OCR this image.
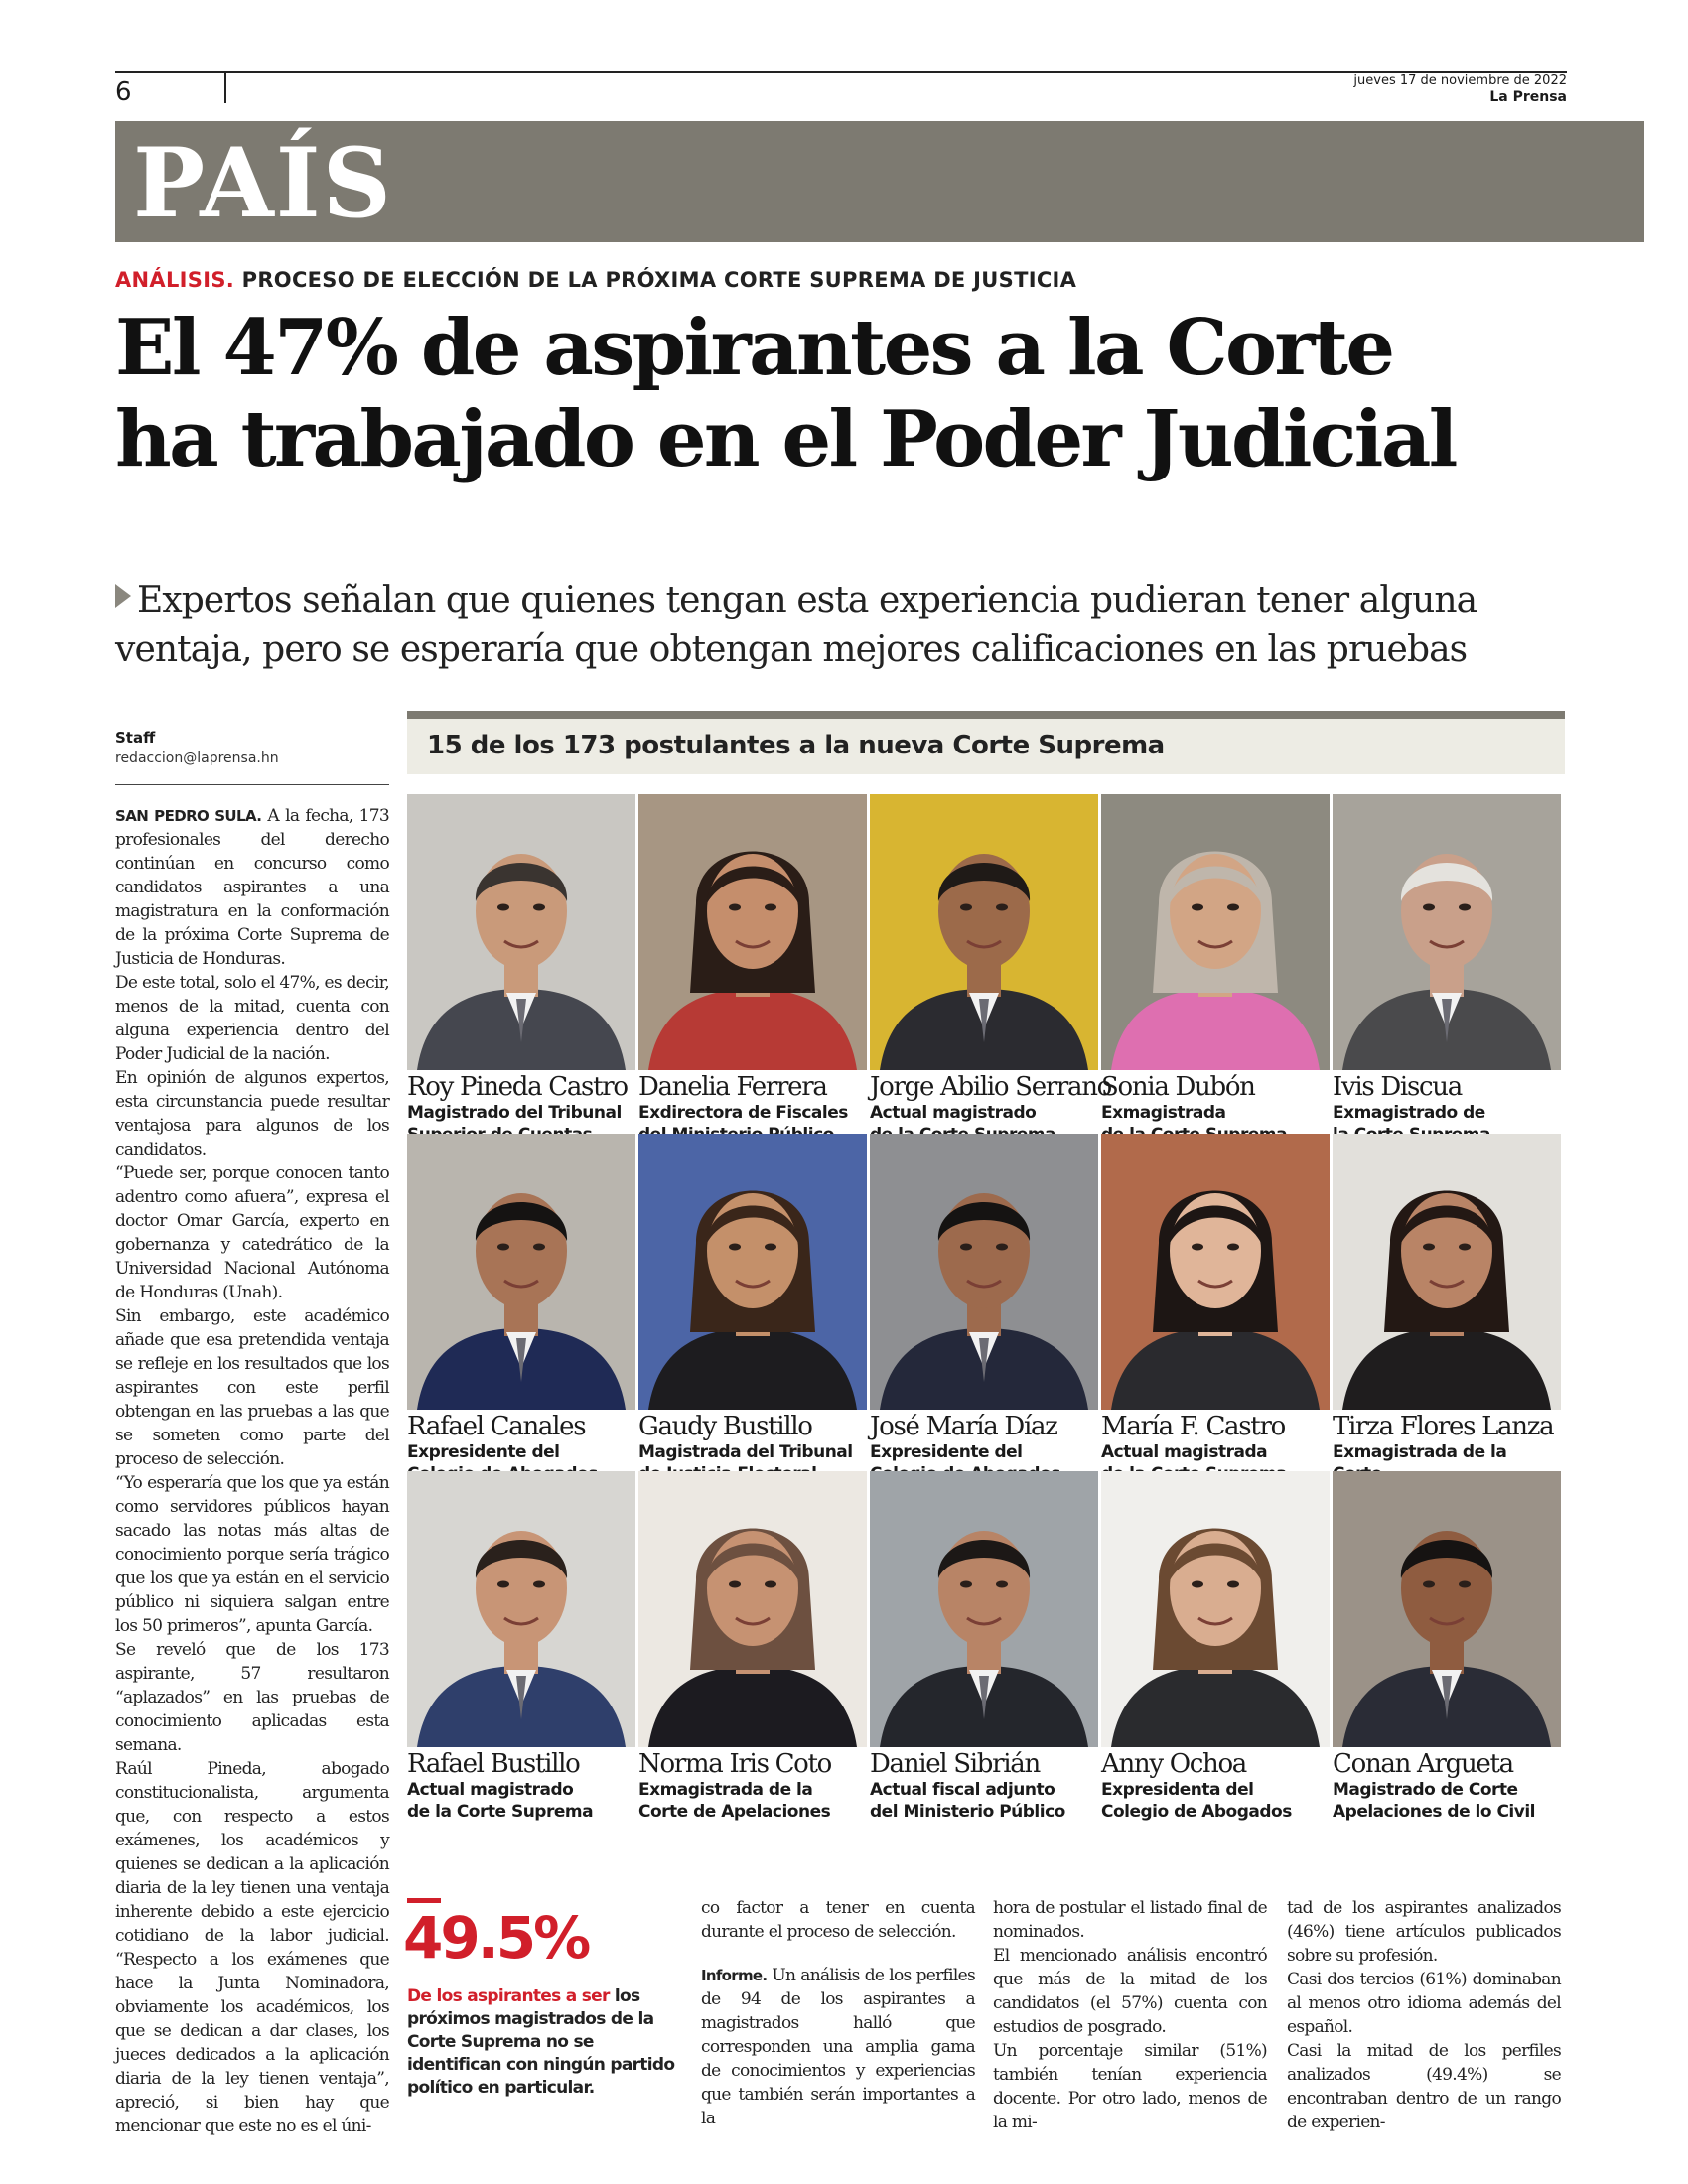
6	jueves 17 de noviembre de 2022
La Prensa
PAÍS
ANÁLISIS. PROCESO DE ELECCIÓN DE LA PRÓXIMA CORTE SUPREMA DE JUSTICIA
El 47% de aspirantes a la Corte
ha trabajado en el Poder Judicial
Expertos señalan que quienes tengan esta experiencia pudieran tener alguna
ventaja, pero se esperaría que obtengan mejores calificaciones en las pruebas
Staff
redaccion@laprensa.hn

SAN PEDRO SULA. A la fecha, 173 profesionales del derecho continúan en concurso como candidatos aspirantes a una magistratura en la conformación de la próxima Corte Suprema de Justicia de Honduras.

De este total, solo el 47%, es decir, menos de la mitad, cuenta con alguna experiencia dentro del Poder Judicial de la nación.

En opinión de algunos expertos, esta circunstancia puede resultar ventajosa para algunos de los candidatos.

“Puede ser, porque conocen tanto adentro como afuera”, expresa el doctor Omar García, experto en gobernanza y catedrático de la Universidad Nacional Autónoma de Honduras (Unah).

Sin embargo, este académico añade que esa pretendida ventaja se refleje en los resultados que los aspirantes con este perfil obtengan en las pruebas a las que se someten como parte del proceso de selección.

“Yo esperaría que los que ya están como servidores públicos hayan sacado las notas más altas de conocimiento porque sería trágico que los que ya están en el servicio público ni siquiera salgan entre los 50 primeros”, apunta García.

Se reveló que de los 173 aspirante, 57 resultaron “aplazados” en las pruebas de conocimiento aplicadas esta semana.

Raúl Pineda, abogado constitucionalista, argumenta que, con respecto a estos exámenes, los académicos y quienes se dedican a la aplicación diaria de la ley tienen una ventaja inherente debido a este ejercicio cotidiano de la labor judicial. “Respecto a los exámenes que hace la Junta Nominadora, obviamente los académicos, los que se dedican a dar clases, los jueces dedicados a la aplicación diaria de la ley tienen ventaja”, apreció, si bien hay que mencionar que este no es el úni-

15 de los 173 postulantes a la nueva Corte Suprema
Roy Pineda Castro
Magistrado del Tribunal
Danelia Ferrera
Exdirectora de Fiscales
Jorge Abilio Serrano
Actual magistrado
Sonia Dubón
Exmagistrada
Ivis Discua
Exmagistrado de
Rafael Canales
Expresidente del
Gaudy Bustillo
Magistrada del Tribunal
José María Díaz
Expresidente del
María F. Castro
Actual magistrada
Tirza Flores Lanza
Exmagistrada de la
Rafael Bustillo
Actual magistrado
de la Corte Suprema
Norma Iris Coto
Exmagistrada de la
Corte de Apelaciones
Daniel Sibrián
Actual fiscal adjunto
del Ministerio Público
Anny Ochoa
Expresidenta del
Colegio de Abogados
Conan Argueta
Magistrado de Corte
Apelaciones de lo Civil
49.5%
De los aspirantes a ser los próximos magistrados de la Corte Suprema no se identifican con ningún partido político en particular.

co factor a tener en cuenta durante el proceso de selección.

Informe. Un análisis de los perfiles de 94 de los aspirantes a magistrados halló que corresponden una amplia gama de conocimientos y experiencias que también serán importantes a la

hora de postular el listado final de nominados.

El mencionado análisis encontró que más de la mitad de los candidatos (el 57%) cuenta con estudios de posgrado.

Un porcentaje similar (51%) también tenían experiencia docente. Por otro lado, menos de la mi-

tad de los aspirantes analizados (46%) tiene artículos publicados sobre su profesión.

Casi dos tercios (61%) dominaban al menos otro idioma además del español.

Casi la mitad de los perfiles analizados (49.4%) se encontraban dentro de un rango de experien-
